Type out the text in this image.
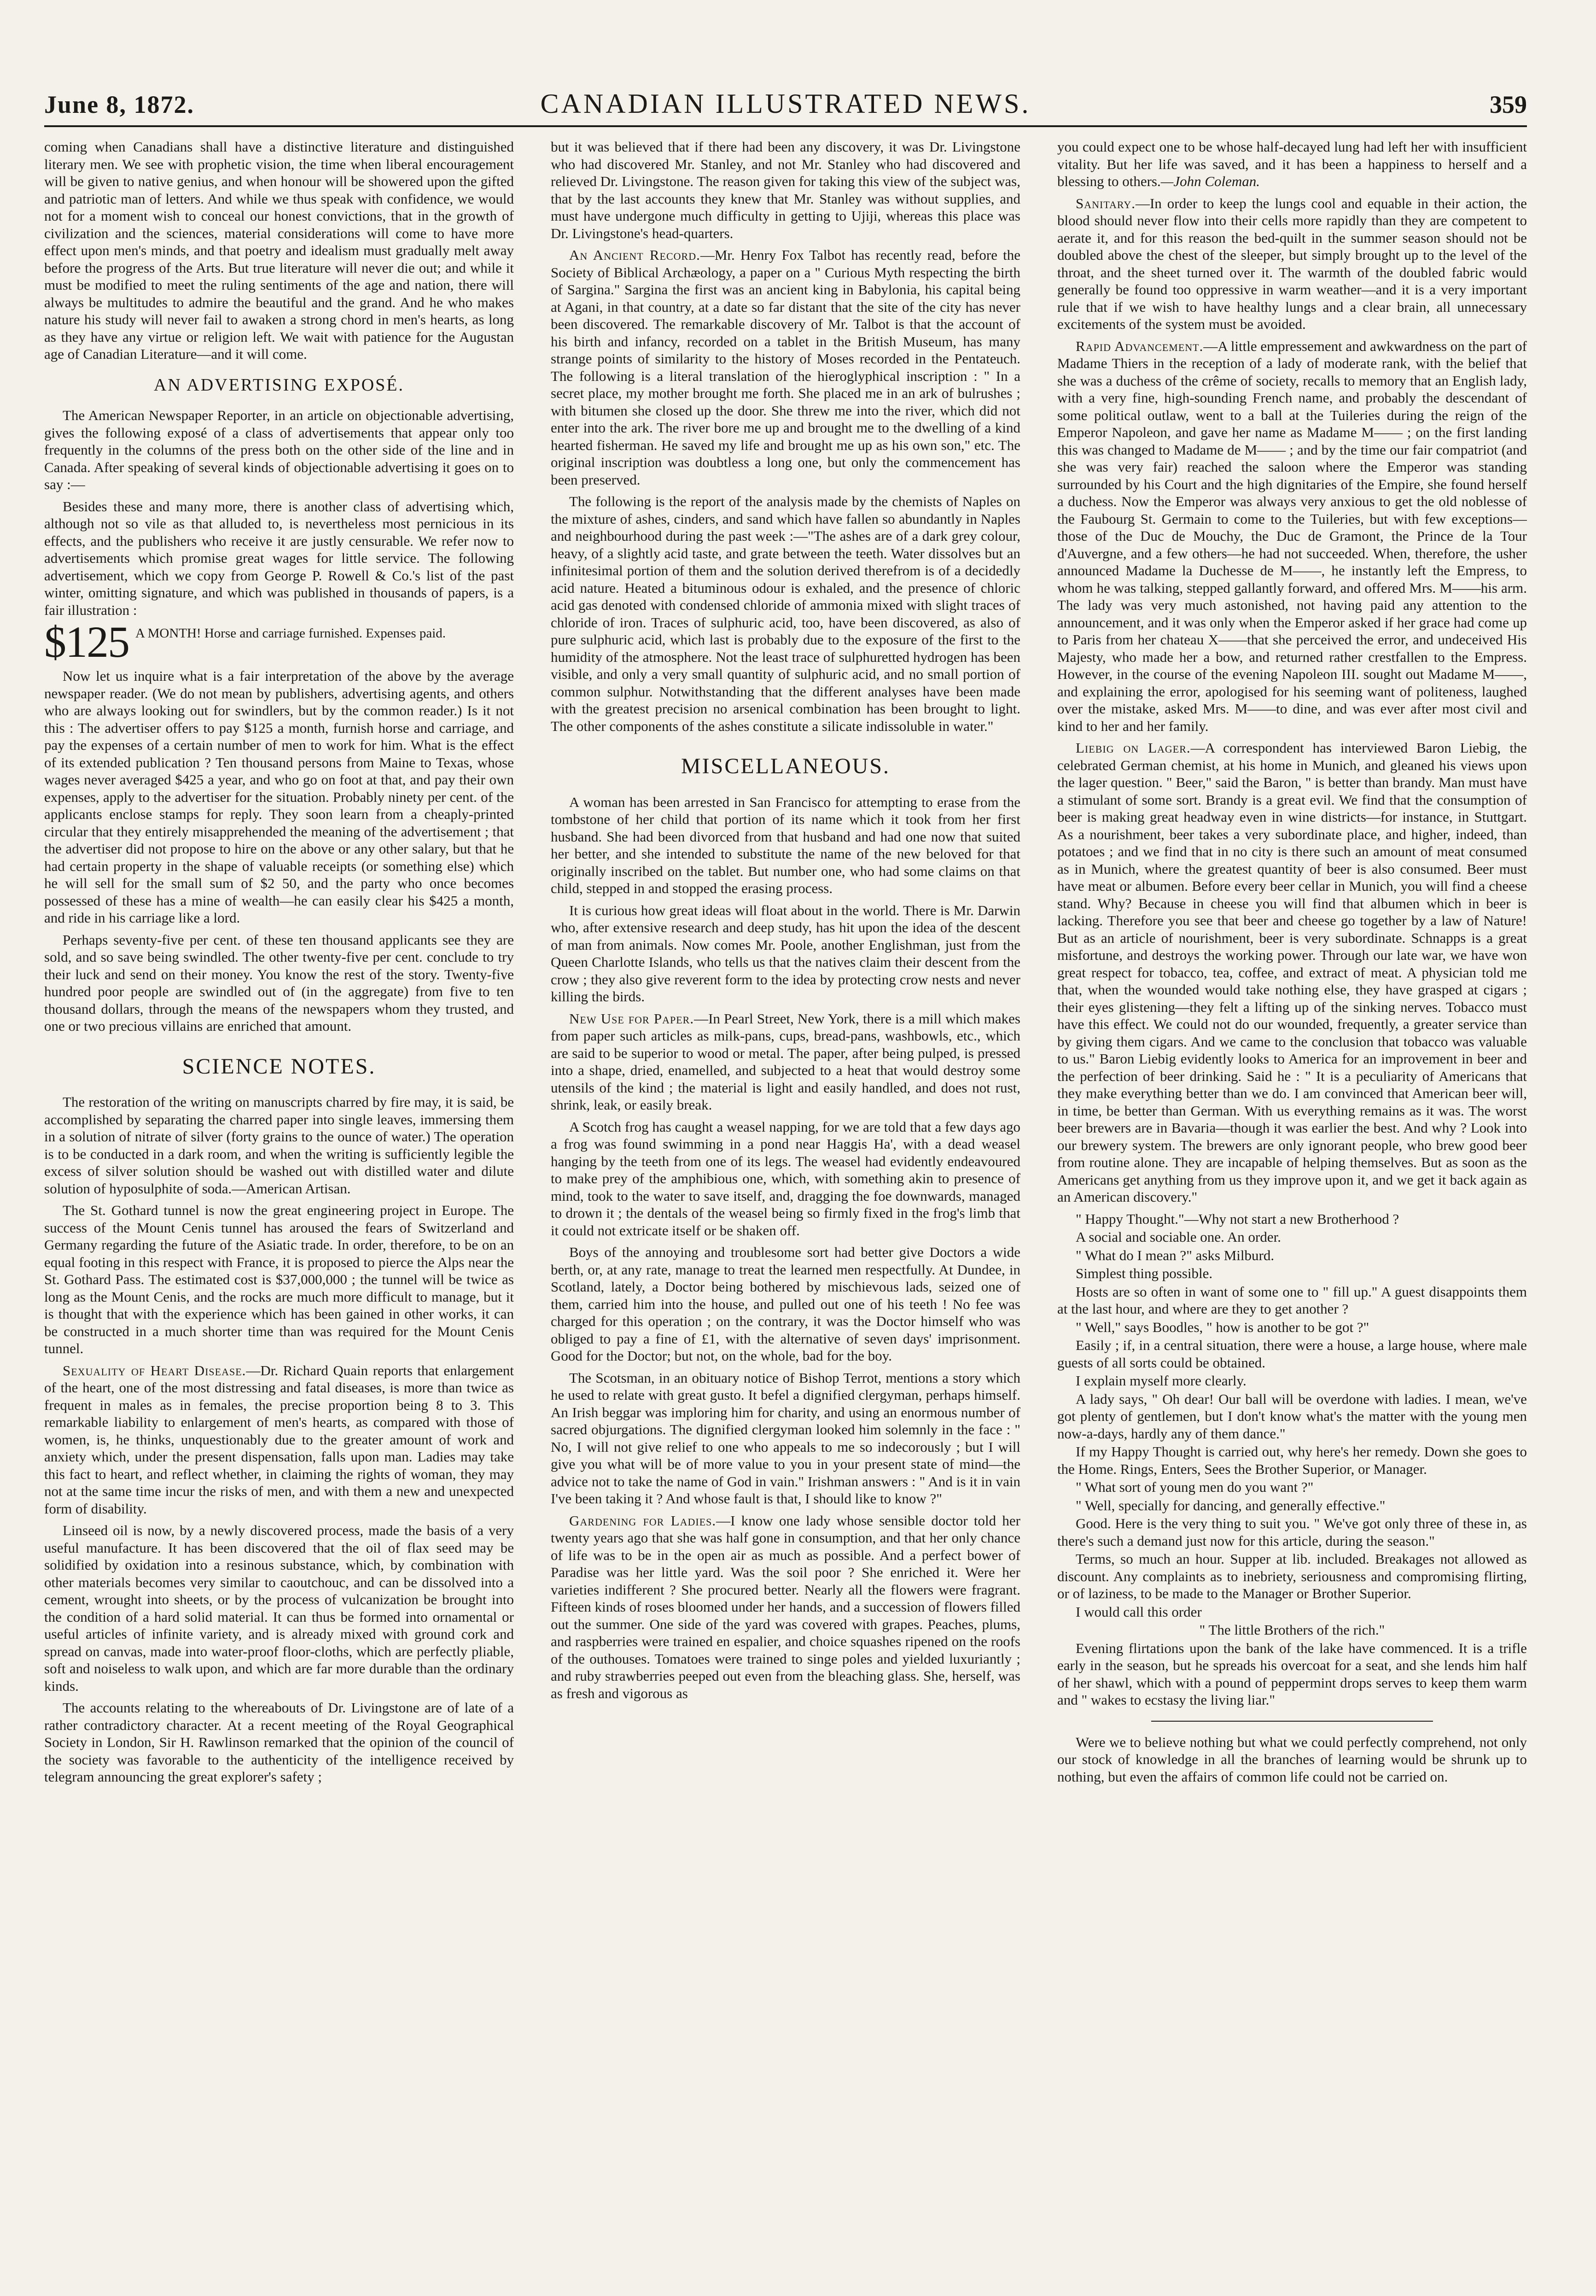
June 8, 1872.	CANADIAN ILLUSTRATED NEWS.	359

coming when Canadians shall have a distinctive literature and distinguished literary men. We see with prophetic vision, the time when liberal encouragement will be given to native genius, and when honour will be showered upon the gifted and patriotic man of letters. And while we thus speak with confidence, we would not for a moment wish to conceal our honest convictions, that in the growth of civilization and the sciences, material considerations will come to have more effect upon men's minds, and that poetry and idealism must gradually melt away before the progress of the Arts. But true literature will never die out; and while it must be modified to meet the ruling sentiments of the age and nation, there will always be multitudes to admire the beautiful and the grand. And he who makes nature his study will never fail to awaken a strong chord in men's hearts, as long as they have any virtue or religion left. We wait with patience for the Augustan age of Canadian Literature—and it will come.

AN ADVERTISING EXPOSÉ.

The American Newspaper Reporter, in an article on objectionable advertising, gives the following exposé of a class of advertisements that appear only too frequently in the columns of the press both on the other side of the line and in Canada. After speaking of several kinds of objectionable advertising it goes on to say :—

Besides these and many more, there is another class of advertising which, although not so vile as that alluded to, is nevertheless most pernicious in its effects, and the publishers who receive it are justly censurable. We refer now to advertisements which promise great wages for little service. The following advertisement, which we copy from George P. Rowell & Co.'s list of the past winter, omitting signature, and which was published in thousands of papers, is a fair illustration :

$125 A MONTH! Horse and carriage furnished. Expenses paid.

Now let us inquire what is a fair interpretation of the above by the average newspaper reader. (We do not mean by publishers, advertising agents, and others who are always looking out for swindlers, but by the common reader.) Is it not this : The advertiser offers to pay $125 a month, furnish horse and carriage, and pay the expenses of a certain number of men to work for him. What is the effect of its extended publication ? Ten thousand persons from Maine to Texas, whose wages never averaged $425 a year, and who go on foot at that, and pay their own expenses, apply to the advertiser for the situation. Probably ninety per cent. of the applicants enclose stamps for reply. They soon learn from a cheaply-printed circular that they entirely misapprehended the meaning of the advertisement ; that the advertiser did not propose to hire on the above or any other salary, but that he had certain property in the shape of valuable receipts (or something else) which he will sell for the small sum of $2 50, and the party who once becomes possessed of these has a mine of wealth—he can easily clear his $425 a month, and ride in his carriage like a lord.

Perhaps seventy-five per cent. of these ten thousand applicants see they are sold, and so save being swindled. The other twenty-five per cent. conclude to try their luck and send on their money. You know the rest of the story. Twenty-five hundred poor people are swindled out of (in the aggregate) from five to ten thousand dollars, through the means of the newspapers whom they trusted, and one or two precious villains are enriched that amount.

SCIENCE NOTES.

The restoration of the writing on manuscripts charred by fire may, it is said, be accomplished by separating the charred paper into single leaves, immersing them in a solution of nitrate of silver (forty grains to the ounce of water.) The operation is to be conducted in a dark room, and when the writing is sufficiently legible the excess of silver solution should be washed out with distilled water and dilute solution of hyposulphite of soda.—American Artisan.

The St. Gothard tunnel is now the great engineering project in Europe. The success of the Mount Cenis tunnel has aroused the fears of Switzerland and Germany regarding the future of the Asiatic trade. In order, therefore, to be on an equal footing in this respect with France, it is proposed to pierce the Alps near the St. Gothard Pass. The estimated cost is $37,000,000 ; the tunnel will be twice as long as the Mount Cenis, and the rocks are much more difficult to manage, but it is thought that with the experience which has been gained in other works, it can be constructed in a much shorter time than was required for the Mount Cenis tunnel.

Sexuality of Heart Disease.—Dr. Richard Quain reports that enlargement of the heart, one of the most distressing and fatal diseases, is more than twice as frequent in males as in females, the precise proportion being 8 to 3. This remarkable liability to enlargement of men's hearts, as compared with those of women, is, he thinks, unquestionably due to the greater amount of work and anxiety which, under the present dispensation, falls upon man. Ladies may take this fact to heart, and reflect whether, in claiming the rights of woman, they may not at the same time incur the risks of men, and with them a new and unexpected form of disability.

Linseed oil is now, by a newly discovered process, made the basis of a very useful manufacture. It has been discovered that the oil of flax seed may be solidified by oxidation into a resinous substance, which, by combination with other materials becomes very similar to caoutchouc, and can be dissolved into a cement, wrought into sheets, or by the process of vulcanization be brought into the condition of a hard solid material. It can thus be formed into ornamental or useful articles of infinite variety, and is already mixed with ground cork and spread on canvas, made into water-proof floor-cloths, which are perfectly pliable, soft and noiseless to walk upon, and which are far more durable than the ordinary kinds.

The accounts relating to the whereabouts of Dr. Livingstone are of late of a rather contradictory character. At a recent meeting of the Royal Geographical Society in London, Sir H. Rawlinson remarked that the opinion of the council of the society was favorable to the authenticity of the intelligence received by telegram announcing the great explorer's safety ;

but it was believed that if there had been any discovery, it was Dr. Livingstone who had discovered Mr. Stanley, and not Mr. Stanley who had discovered and relieved Dr. Livingstone. The reason given for taking this view of the subject was, that by the last accounts they knew that Mr. Stanley was without supplies, and must have undergone much difficulty in getting to Ujiji, whereas this place was Dr. Livingstone's head-quarters.

An Ancient Record.—Mr. Henry Fox Talbot has recently read, before the Society of Biblical Archæology, a paper on a " Curious Myth respecting the birth of Sargina." Sargina the first was an ancient king in Babylonia, his capital being at Agani, in that country, at a date so far distant that the site of the city has never been discovered. The remarkable discovery of Mr. Talbot is that the account of his birth and infancy, recorded on a tablet in the British Museum, has many strange points of similarity to the history of Moses recorded in the Pentateuch. The following is a literal translation of the hieroglyphical inscription : " In a secret place, my mother brought me forth. She placed me in an ark of bulrushes ; with bitumen she closed up the door. She threw me into the river, which did not enter into the ark. The river bore me up and brought me to the dwelling of a kind hearted fisherman. He saved my life and brought me up as his own son," etc. The original inscription was doubtless a long one, but only the commencement has been preserved.

The following is the report of the analysis made by the chemists of Naples on the mixture of ashes, cinders, and sand which have fallen so abundantly in Naples and neighbourhood during the past week :—"The ashes are of a dark grey colour, heavy, of a slightly acid taste, and grate between the teeth. Water dissolves but an infinitesimal portion of them and the solution derived therefrom is of a decidedly acid nature. Heated a bituminous odour is exhaled, and the presence of chloric acid gas denoted with condensed chloride of ammonia mixed with slight traces of chloride of iron. Traces of sulphuric acid, too, have been discovered, as also of pure sulphuric acid, which last is probably due to the exposure of the first to the humidity of the atmosphere. Not the least trace of sulphuretted hydrogen has been visible, and only a very small quantity of sulphuric acid, and no small portion of common sulphur. Notwithstanding that the different analyses have been made with the greatest precision no arsenical combination has been brought to light. The other components of the ashes constitute a silicate indissoluble in water."

MISCELLANEOUS.

A woman has been arrested in San Francisco for attempting to erase from the tombstone of her child that portion of its name which it took from her first husband. She had been divorced from that husband and had one now that suited her better, and she intended to substitute the name of the new beloved for that originally inscribed on the tablet. But number one, who had some claims on that child, stepped in and stopped the erasing process.

It is curious how great ideas will float about in the world. There is Mr. Darwin who, after extensive research and deep study, has hit upon the idea of the descent of man from animals. Now comes Mr. Poole, another Englishman, just from the Queen Charlotte Islands, who tells us that the natives claim their descent from the crow ; they also give reverent form to the idea by protecting crow nests and never killing the birds.

New Use for Paper.—In Pearl Street, New York, there is a mill which makes from paper such articles as milk-pans, cups, bread-pans, washbowls, etc., which are said to be superior to wood or metal. The paper, after being pulped, is pressed into a shape, dried, enamelled, and subjected to a heat that would destroy some utensils of the kind ; the material is light and easily handled, and does not rust, shrink, leak, or easily break.

A Scotch frog has caught a weasel napping, for we are told that a few days ago a frog was found swimming in a pond near Haggis Ha', with a dead weasel hanging by the teeth from one of its legs. The weasel had evidently endeavoured to make prey of the amphibious one, which, with something akin to presence of mind, took to the water to save itself, and, dragging the foe downwards, managed to drown it ; the dentals of the weasel being so firmly fixed in the frog's limb that it could not extricate itself or be shaken off.

Boys of the annoying and troublesome sort had better give Doctors a wide berth, or, at any rate, manage to treat the learned men respectfully. At Dundee, in Scotland, lately, a Doctor being bothered by mischievous lads, seized one of them, carried him into the house, and pulled out one of his teeth ! No fee was charged for this operation ; on the contrary, it was the Doctor himself who was obliged to pay a fine of £1, with the alternative of seven days' imprisonment. Good for the Doctor; but not, on the whole, bad for the boy.

The Scotsman, in an obituary notice of Bishop Terrot, mentions a story which he used to relate with great gusto. It befel a dignified clergyman, perhaps himself. An Irish beggar was imploring him for charity, and using an enormous number of sacred objurgations. The dignified clergyman looked him solemnly in the face : " No, I will not give relief to one who appeals to me so indecorously ; but I will give you what will be of more value to you in your present state of mind—the advice not to take the name of God in vain." Irishman answers : " And is it in vain I've been taking it ? And whose fault is that, I should like to know ?"

Gardening for Ladies.—I know one lady whose sensible doctor told her twenty years ago that she was half gone in consumption, and that her only chance of life was to be in the open air as much as possible. And a perfect bower of Paradise was her little yard. Was the soil poor ? She enriched it. Were her varieties indifferent ? She procured better. Nearly all the flowers were fragrant. Fifteen kinds of roses bloomed under her hands, and a succession of flowers filled out the summer. One side of the yard was covered with grapes. Peaches, plums, and raspberries were trained en espalier, and choice squashes ripened on the roofs of the outhouses. Tomatoes were trained to singe poles and yielded luxuriantly ; and ruby strawberries peeped out even from the bleaching glass. She, herself, was as fresh and vigorous as

you could expect one to be whose half-decayed lung had left her with insufficient vitality. But her life was saved, and it has been a happiness to herself and a blessing to others.—John Coleman.

Sanitary.—In order to keep the lungs cool and equable in their action, the blood should never flow into their cells more rapidly than they are competent to aerate it, and for this reason the bed-quilt in the summer season should not be doubled above the chest of the sleeper, but simply brought up to the level of the throat, and the sheet turned over it. The warmth of the doubled fabric would generally be found too oppressive in warm weather—and it is a very important rule that if we wish to have healthy lungs and a clear brain, all unnecessary excitements of the system must be avoided.

Rapid Advancement.—A little empressement and awkwardness on the part of Madame Thiers in the reception of a lady of moderate rank, with the belief that she was a duchess of the crême of society, recalls to memory that an English lady, with a very fine, high-sounding French name, and probably the descendant of some political outlaw, went to a ball at the Tuileries during the reign of the Emperor Napoleon, and gave her name as Madame M—— ; on the first landing this was changed to Madame de M—— ; and by the time our fair compatriot (and she was very fair) reached the saloon where the Emperor was standing surrounded by his Court and the high dignitaries of the Empire, she found herself a duchess. Now the Emperor was always very anxious to get the old noblesse of the Faubourg St. Germain to come to the Tuileries, but with few exceptions—those of the Duc de Mouchy, the Duc de Gramont, the Prince de la Tour d'Auvergne, and a few others—he had not succeeded. When, therefore, the usher announced Madame la Duchesse de M——, he instantly left the Empress, to whom he was talking, stepped gallantly forward, and offered Mrs. M——his arm. The lady was very much astonished, not having paid any attention to the announcement, and it was only when the Emperor asked if her grace had come up to Paris from her chateau X——that she perceived the error, and undeceived His Majesty, who made her a bow, and returned rather crestfallen to the Empress. However, in the course of the evening Napoleon III. sought out Madame M——, and explaining the error, apologised for his seeming want of politeness, laughed over the mistake, asked Mrs. M——to dine, and was ever after most civil and kind to her and her family.

Liebig on Lager.—A correspondent has interviewed Baron Liebig, the celebrated German chemist, at his home in Munich, and gleaned his views upon the lager question. " Beer," said the Baron, " is better than brandy. Man must have a stimulant of some sort. Brandy is a great evil. We find that the consumption of beer is making great headway even in wine districts—for instance, in Stuttgart. As a nourishment, beer takes a very subordinate place, and higher, indeed, than potatoes ; and we find that in no city is there such an amount of meat consumed as in Munich, where the greatest quantity of beer is also consumed. Beer must have meat or albumen. Before every beer cellar in Munich, you will find a cheese stand. Why? Because in cheese you will find that albumen which in beer is lacking. Therefore you see that beer and cheese go together by a law of Nature! But as an article of nourishment, beer is very subordinate. Schnapps is a great misfortune, and destroys the working power. Through our late war, we have won great respect for tobacco, tea, coffee, and extract of meat. A physician told me that, when the wounded would take nothing else, they have grasped at cigars ; their eyes glistening—they felt a lifting up of the sinking nerves. Tobacco must have this effect. We could not do our wounded, frequently, a greater service than by giving them cigars. And we came to the conclusion that tobacco was valuable to us." Baron Liebig evidently looks to America for an improvement in beer and the perfection of beer drinking. Said he : " It is a peculiarity of Americans that they make everything better than we do. I am convinced that American beer will, in time, be better than German. With us everything remains as it was. The worst beer brewers are in Bavaria—though it was earlier the best. And why ? Look into our brewery system. The brewers are only ignorant people, who brew good beer from routine alone. They are incapable of helping themselves. But as soon as the Americans get anything from us they improve upon it, and we get it back again as an American discovery."

" Happy Thought."—Why not start a new Brotherhood ?

A social and sociable one. An order.

" What do I mean ?" asks Milburd.

Simplest thing possible.

Hosts are so often in want of some one to " fill up." A guest disappoints them at the last hour, and where are they to get another ?

" Well," says Boodles, " how is another to be got ?"

Easily ; if, in a central situation, there were a house, a large house, where male guests of all sorts could be obtained.

I explain myself more clearly.

A lady says, " Oh dear! Our ball will be overdone with ladies. I mean, we've got plenty of gentlemen, but I don't know what's the matter with the young men now-a-days, hardly any of them dance."

If my Happy Thought is carried out, why here's her remedy. Down she goes to the Home. Rings, Enters, Sees the Brother Superior, or Manager.

" What sort of young men do you want ?"

" Well, specially for dancing, and generally effective."

Good. Here is the very thing to suit you. " We've got only three of these in, as there's such a demand just now for this article, during the season."

Terms, so much an hour. Supper at lib. included. Breakages not allowed as discount. Any complaints as to inebriety, seriousness and compromising flirting, or of laziness, to be made to the Manager or Brother Superior.

I would call this order

" The little Brothers of the rich."

Evening flirtations upon the bank of the lake have commenced. It is a trifle early in the season, but he spreads his overcoat for a seat, and she lends him half of her shawl, which with a pound of peppermint drops serves to keep them warm and " wakes to ecstasy the living liar."

Were we to believe nothing but what we could perfectly comprehend, not only our stock of knowledge in all the branches of learning would be shrunk up to nothing, but even the affairs of common life could not be carried on.
